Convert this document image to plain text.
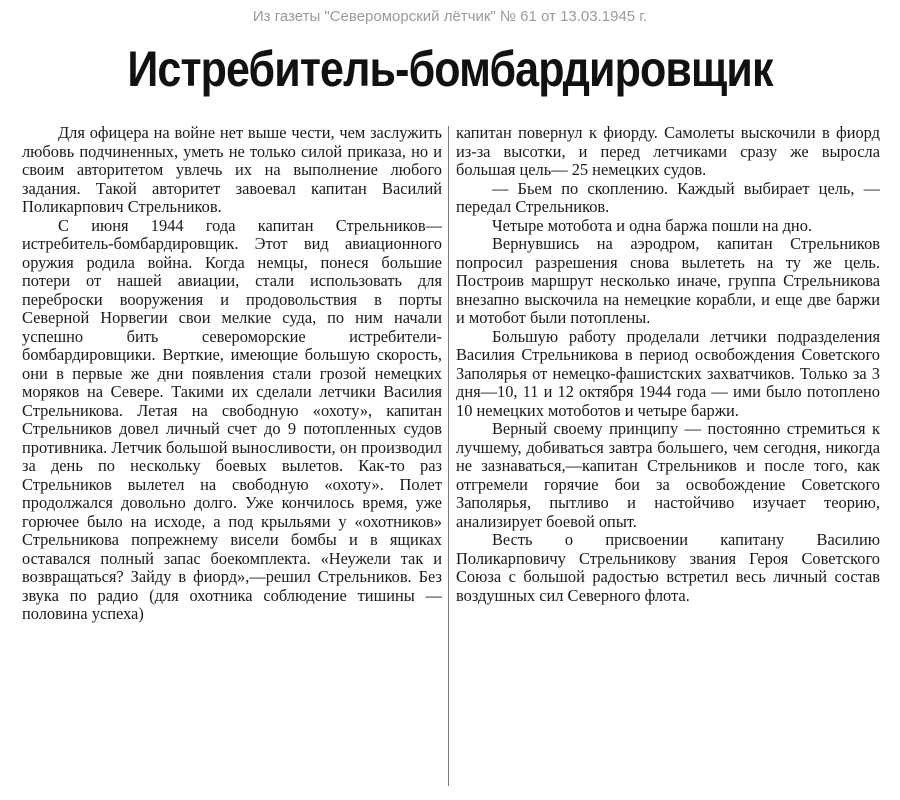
Из газеты "Североморский лётчик" № 61 от 13.03.1945 г.
Истребитель-бомбардировщик

Для офицера на войне нет выше чести, чем заслужить любовь подчиненных, уметь не только силой приказа, но и своим авторитетом увлечь их на выполнение любого задания. Такой авторитет завоевал капитан Василий Поликарпович Стрельников.

С июня 1944 года капитан Стрельников— истребитель-бомбардировщик. Этот вид авиационного оружия родила война. Когда немцы, понеся большие потери от нашей авиации, стали использовать для переброски вооружения и продовольствия в порты Северной Норвегии свои мелкие суда, по ним начали успешно бить североморские истребители-бомбардировщики. Верткие, имеющие большую скорость, они в первые же дни появления стали грозой немецких моряков на Севере. Такими их сделали летчики Василия Стрельникова. Летая на свободную «охоту», капитан Стрельников довел личный счет до 9 потопленных судов противника. Летчик большой выносливости, он производил за день по нескольку боевых вылетов. Как-то раз Стрельников вылетел на свободную «охоту». Полет продолжался довольно долго. Уже кончилось время, уже горючее было на исходе, а под крыльями у «охотников» Стрельникова попрежнему висели бомбы и в ящиках оставался полный запас боекомплекта. «Неужели так и возвращаться? Зайду в фиорд»,—решил Стрельников. Без звука по радио (для охотника соблюдение тишины — половина успеха)

капитан повернул к фиорду. Самолеты выскочили в фиорд из-за высотки, и перед летчиками сразу же выросла большая цель— 25 немецких судов.

— Бьем по скоплению. Каждый выбирает цель, — передал Стрельников.

Четыре мотобота и одна баржа пошли на дно.

Вернувшись на аэродром, капитан Стрельников попросил разрешения снова вылететь на ту же цель. Построив маршрут несколько иначе, группа Стрельникова внезапно выскочила на немецкие корабли, и еще две баржи и мотобот были потоплены.

Большую работу проделали летчики подразделения Василия Стрельникова в период освобождения Советского Заполярья от немецко-фашистских захватчиков. Только за 3 дня—10, 11 и 12 октября 1944 года — ими было потоплено 10 немецких мотоботов и четыре баржи.

Верный своему принципу — постоянно стремиться к лучшему, добиваться завтра большего, чем сегодня, никогда не зазнаваться,—капитан Стрельников и после того, как отгремели горячие бои за освобождение Советского Заполярья, пытливо и настойчиво изучает теорию, анализирует боевой опыт.

Весть о присвоении капитану Василию Поликарповичу Стрельникову звания Героя Советского Союза с большой радостью встретил весь личный состав воздушных сил Северного флота.
